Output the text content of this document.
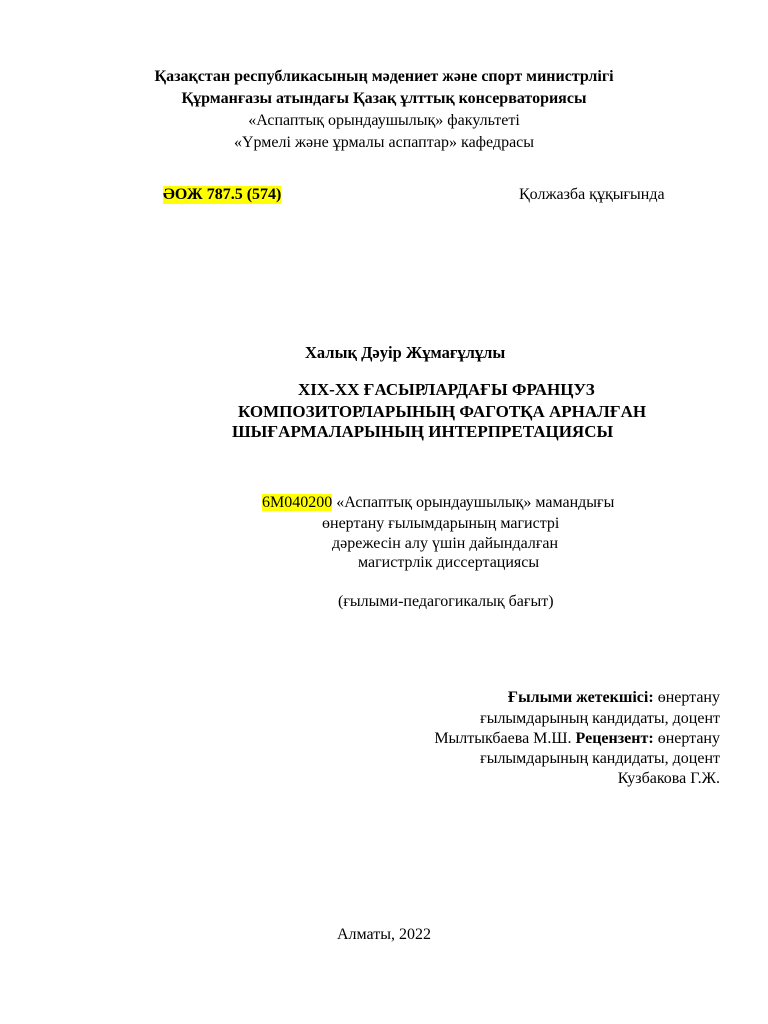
Қазақстан республикасының мәдениет және спорт министрлігі
Құрманғазы атындағы Қазақ ұлттық консерваториясы
«Аспаптық орындаушылық» факультеті
«Үрмелі және ұрмалы аспаптар» кафедрасы
ӘОЖ 787.5 (574)	Қолжазба құқығында
Халық Дәуір Жұмағұлұлы
XIX-XX ҒАСЫРЛАРДАҒЫ ФРАНЦУЗ
КОМПОЗИТОРЛАРЫНЫҢ ФАГОТҚА АРНАЛҒАН
ШЫҒАРМАЛАРЫНЫҢ ИНТЕРПРЕТАЦИЯСЫ
6М040200 «Аспаптық орындаушылық» мамандығы
өнертану ғылымдарының магистрі
дәрежесін алу үшін дайындалған
магистрлік диссертациясы
(ғылыми-педагогикалық бағыт)
Ғылыми жетекшісі: өнертану
ғылымдарының кандидаты, доцент
Мылтыкбаева М.Ш. Рецензент: өнертану
ғылымдарының кандидаты, доцент
Кузбакова Г.Ж.
Алматы, 2022
